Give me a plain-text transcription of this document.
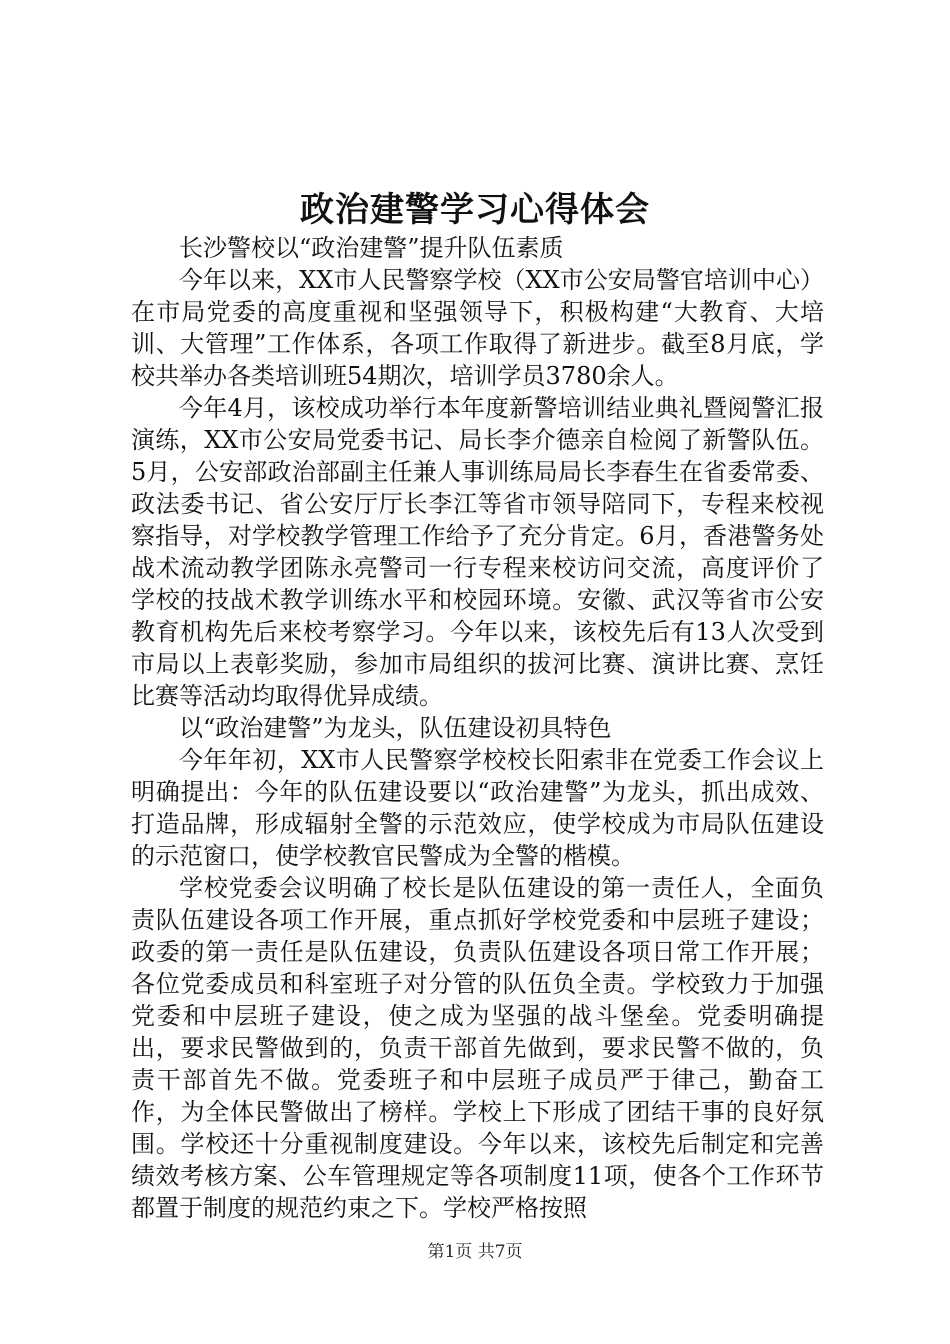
政治建警学习心得体会

长沙警校以“政治建警”提升队伍素质

今年以来，XX市人民警察学校（XX市公安局警官培训中心）在市局党委的高度重视和坚强领导下，积极构建“大教育、大培训、大管理”工作体系，各项工作取得了新进步。截至8月底，学校共举办各类培训班54期次，培训学员3780余人。

今年4月，该校成功举行本年度新警培训结业典礼暨阅警汇报演练，XX市公安局党委书记、局长李介德亲自检阅了新警队伍。5月，公安部政治部副主任兼人事训练局局长李春生在省委常委、政法委书记、省公安厅厅长李江等省市领导陪同下，专程来校视察指导，对学校教学管理工作给予了充分肯定。6月，香港警务处战术流动教学团陈永亮警司一行专程来校访问交流，高度评价了学校的技战术教学训练水平和校园环境。安徽、武汉等省市公安教育机构先后来校考察学习。今年以来，该校先后有13人次受到市局以上表彰奖励，参加市局组织的拔河比赛、演讲比赛、烹饪比赛等活动均取得优异成绩。

以“政治建警”为龙头，队伍建设初具特色

今年年初，XX市人民警察学校校长阳索非在党委工作会议上明确提出：今年的队伍建设要以“政治建警”为龙头，抓出成效、打造品牌，形成辐射全警的示范效应，使学校成为市局队伍建设的示范窗口，使学校教官民警成为全警的楷模。

学校党委会议明确了校长是队伍建设的第一责任人，全面负责队伍建设各项工作开展，重点抓好学校党委和中层班子建设；政委的第一责任是队伍建设，负责队伍建设各项日常工作开展；各位党委成员和科室班子对分管的队伍负全责。学校致力于加强党委和中层班子建设，使之成为坚强的战斗堡垒。党委明确提出，要求民警做到的，负责干部首先做到，要求民警不做的，负责干部首先不做。党委班子和中层班子成员严于律己，勤奋工作，为全体民警做出了榜样。学校上下形成了团结干事的良好氛围。学校还十分重视制度建设。今年以来，该校先后制定和完善绩效考核方案、公车管理规定等各项制度11项，使各个工作环节都置于制度的规范约束之下。学校严格按照

第1页 共7页
